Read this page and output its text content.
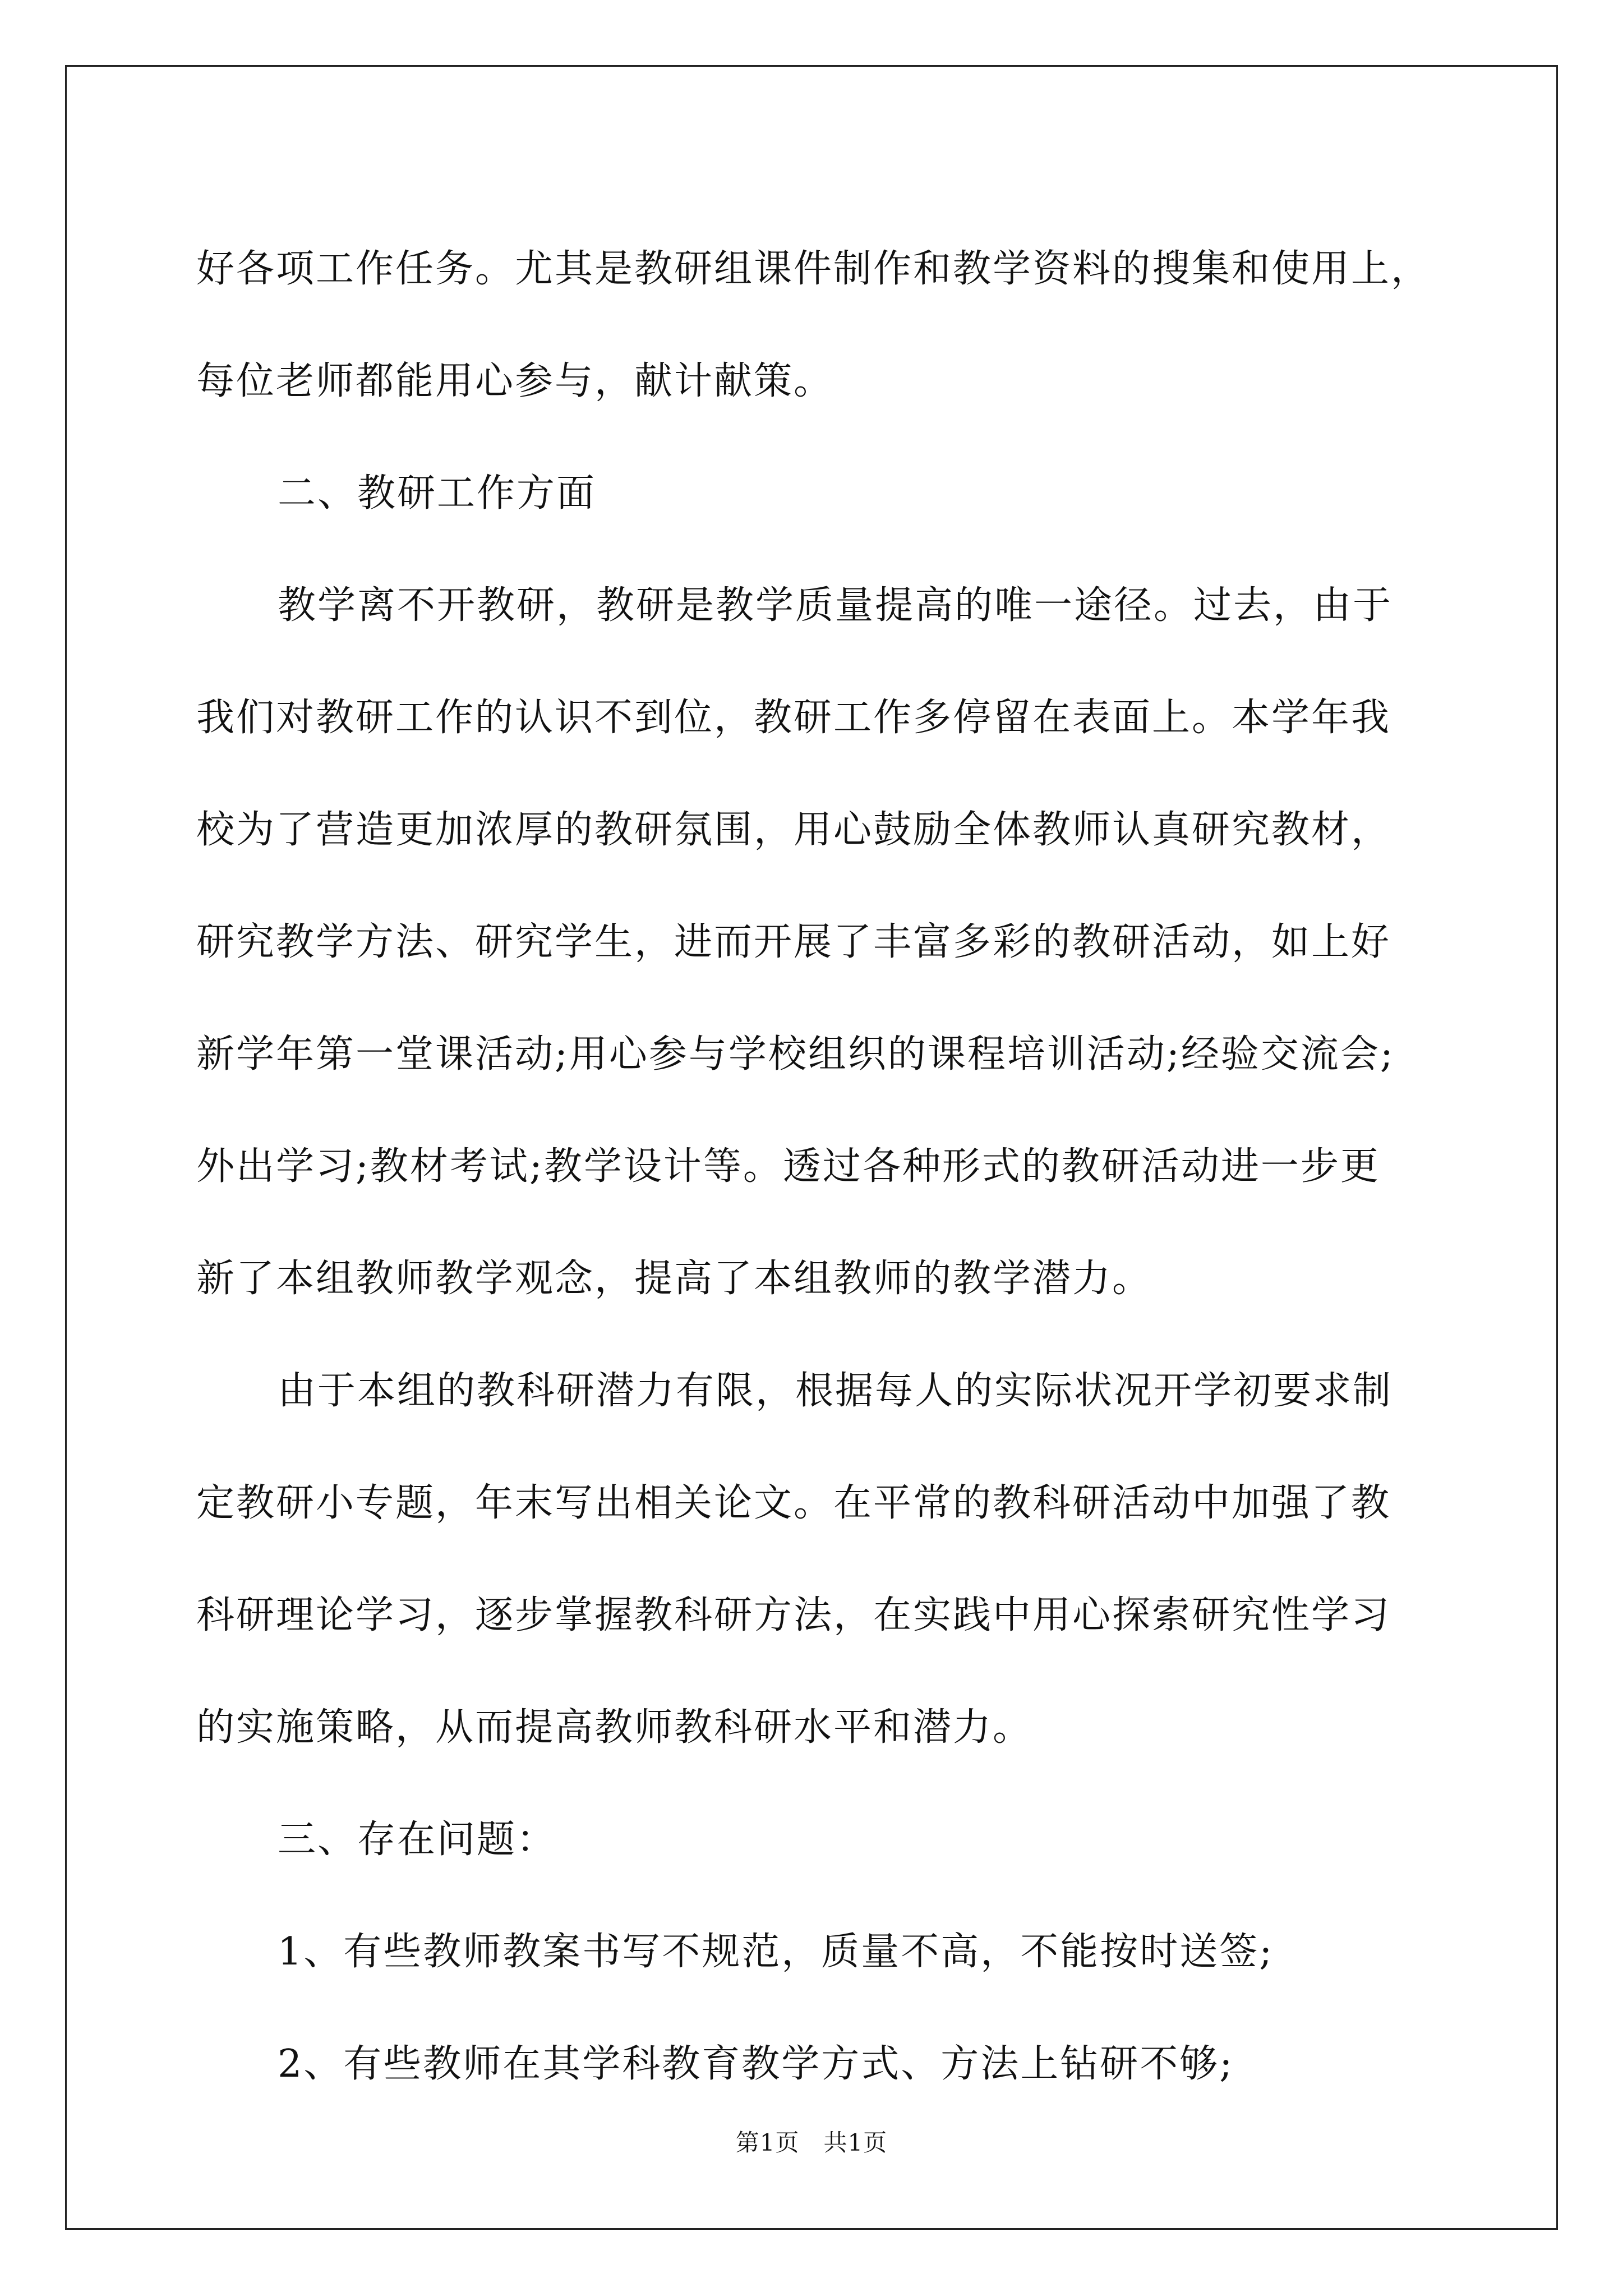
好各项工作任务。尤其是教研组课件制作和教学资料的搜集和使用上，
每位老师都能用心参与，献计献策。
二、教研工作方面
教学离不开教研，教研是教学质量提高的唯一途径。过去，由于
我们对教研工作的认识不到位，教研工作多停留在表面上。本学年我
校为了营造更加浓厚的教研氛围，用心鼓励全体教师认真研究教材，
研究教学方法、研究学生，进而开展了丰富多彩的教研活动，如上好
新学年第一堂课活动;用心参与学校组织的课程培训活动;经验交流会;
外出学习;教材考试;教学设计等。透过各种形式的教研活动进一步更
新了本组教师教学观念，提高了本组教师的教学潜力。
由于本组的教科研潜力有限，根据每人的实际状况开学初要求制
定教研小专题，年末写出相关论文。在平常的教科研活动中加强了教
科研理论学习，逐步掌握教科研方法，在实践中用心探索研究性学习
的实施策略，从而提高教师教科研水平和潜力。
三、存在问题：
1、有些教师教案书写不规范，质量不高，不能按时送签;
2、有些教师在其学科教育教学方式、方法上钻研不够;
第1页　共1页
